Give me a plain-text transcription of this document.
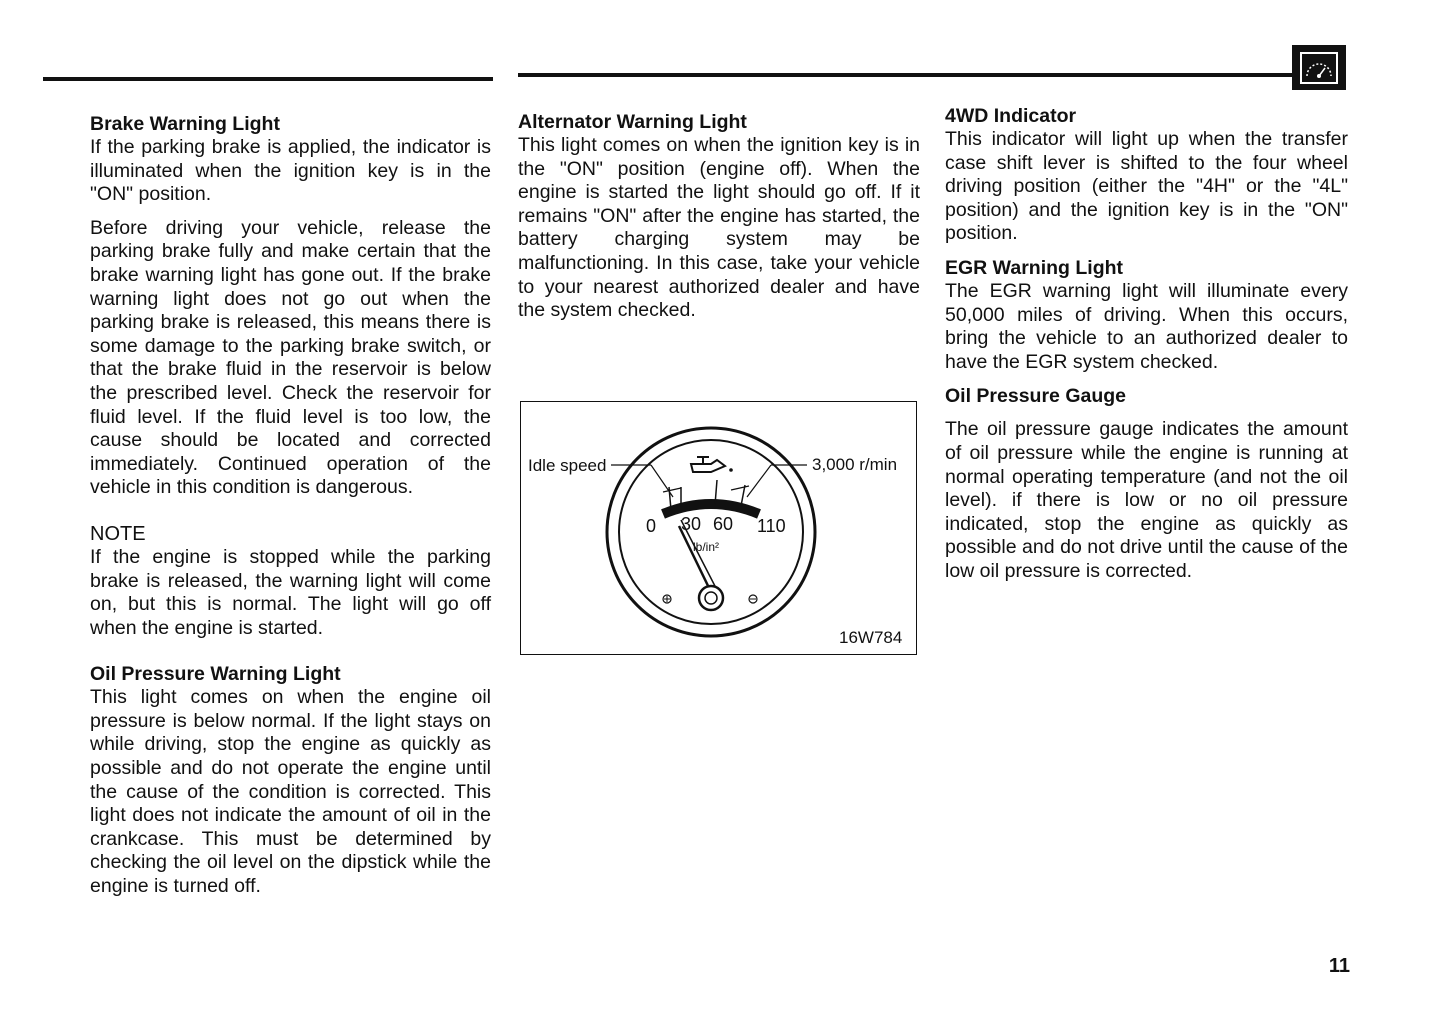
Brake Warning Light

If the parking brake is applied, the indicator is illuminated when the ignition key is in the "ON" position.

Before driving your vehicle, release the parking brake fully and make certain that the brake warning light has gone out. If the brake warning light does not go out when the parking brake is released, this means there is some damage to the parking brake switch, or that the brake fluid in the reservoir is below the prescribed level. Check the reservoir for fluid level. If the fluid level is too low, the cause should be located and corrected immediately. Continued operation of the vehicle in this condition is dangerous.

NOTE

If the engine is stopped while the parking brake is released, the warning light will come on, but this is normal. The light will go off when the engine is started.

Oil Pressure Warning Light

This light comes on when the engine oil pressure is below normal. If the light stays on while driving, stop the engine as quickly as possible and do not operate the engine until the cause of the condition is corrected. This light does not indicate the amount of oil in the crankcase. This must be determined by checking the oil level on the dipstick while the engine is turned off.

Alternator Warning Light

This light comes on when the ignition key is in the "ON" position (engine off). When the engine is started the light should go off. If it remains "ON" after the engine has started, the battery charging system may be malfunctioning. In this case, take your vehicle to your nearest authorized dealer and have the system checked.

Idle speed	3,000 r/min
0 30 60 110
lb/in²
16W784
4WD Indicator

This indicator will light up when the transfer case shift lever is shifted to the four wheel driving position (either the "4H" or the "4L" position) and the ignition key is in the "ON" position.

EGR Warning Light

The EGR warning light will illuminate every 50,000 miles of driving. When this occurs, bring the vehicle to an authorized dealer to have the EGR system checked.

Oil Pressure Gauge

The oil pressure gauge indicates the amount of oil pressure while the engine is running at normal operating temperature (and not the oil level). if there is low or no oil pressure indicated, stop the engine as quickly as possible and do not drive until the cause of the low oil pressure is corrected.

11
